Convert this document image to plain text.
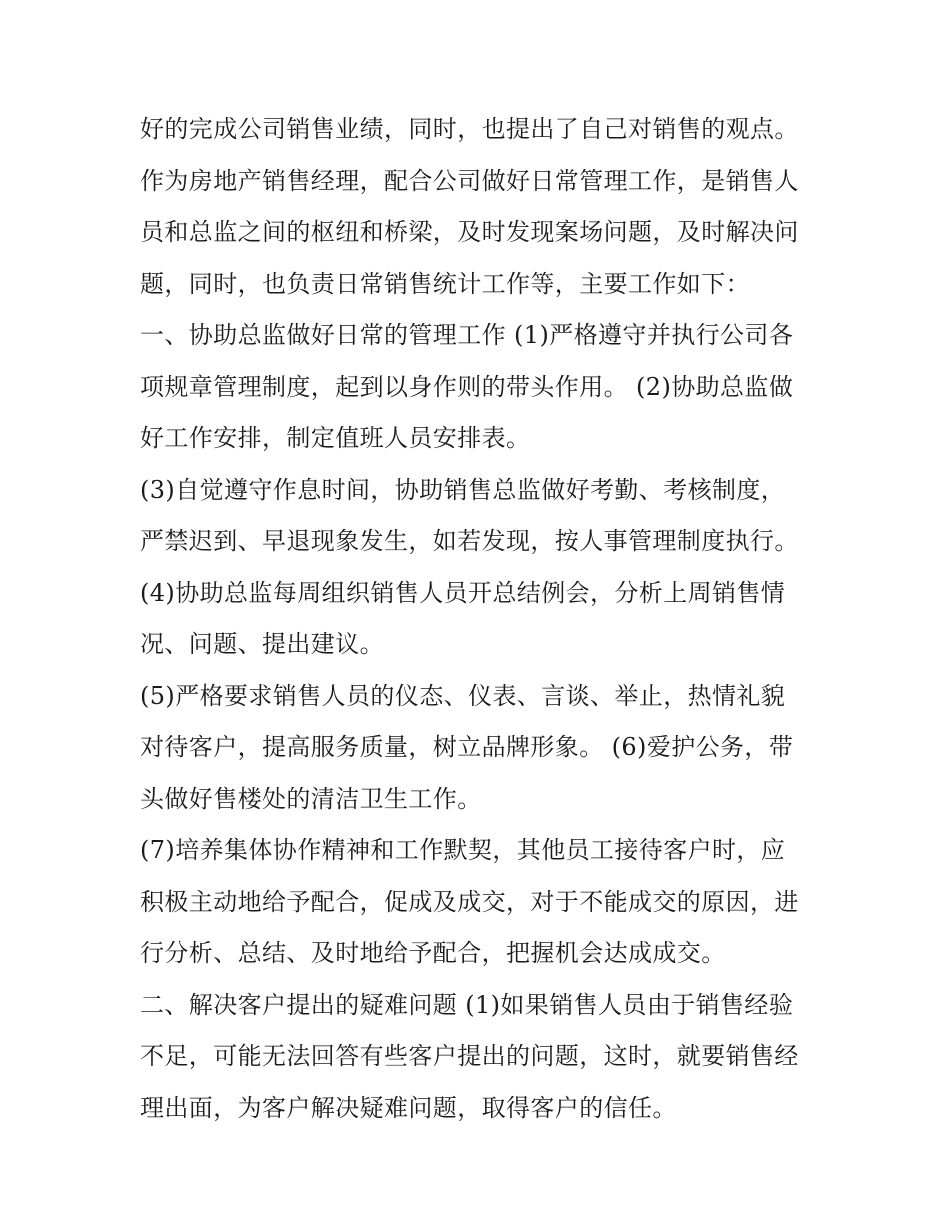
好的完成公司销售业绩，同时，也提出了自己对销售的观点。
作为房地产销售经理，配合公司做好日常管理工作，是销售人
员和总监之间的枢纽和桥梁，及时发现案场问题，及时解决问
题，同时，也负责日常销售统计工作等，主要工作如下：
一、协助总监做好日常的管理工作 (1)严格遵守并执行公司各
项规章管理制度，起到以身作则的带头作用。 (2)协助总监做
好工作安排，制定值班人员安排表。
(3)自觉遵守作息时间，协助销售总监做好考勤、考核制度，
严禁迟到、早退现象发生，如若发现，按人事管理制度执行。
(4)协助总监每周组织销售人员开总结例会，分析上周销售情
况、问题、提出建议。
(5)严格要求销售人员的仪态、仪表、言谈、举止，热情礼貌
对待客户，提高服务质量，树立品牌形象。 (6)爱护公务，带
头做好售楼处的清洁卫生工作。
(7)培养集体协作精神和工作默契，其他员工接待客户时，应
积极主动地给予配合，促成及成交，对于不能成交的原因，进
行分析、总结、及时地给予配合，把握机会达成成交。
二、解决客户提出的疑难问题 (1)如果销售人员由于销售经验
不足，可能无法回答有些客户提出的问题，这时，就要销售经
理出面，为客户解决疑难问题，取得客户的信任。
